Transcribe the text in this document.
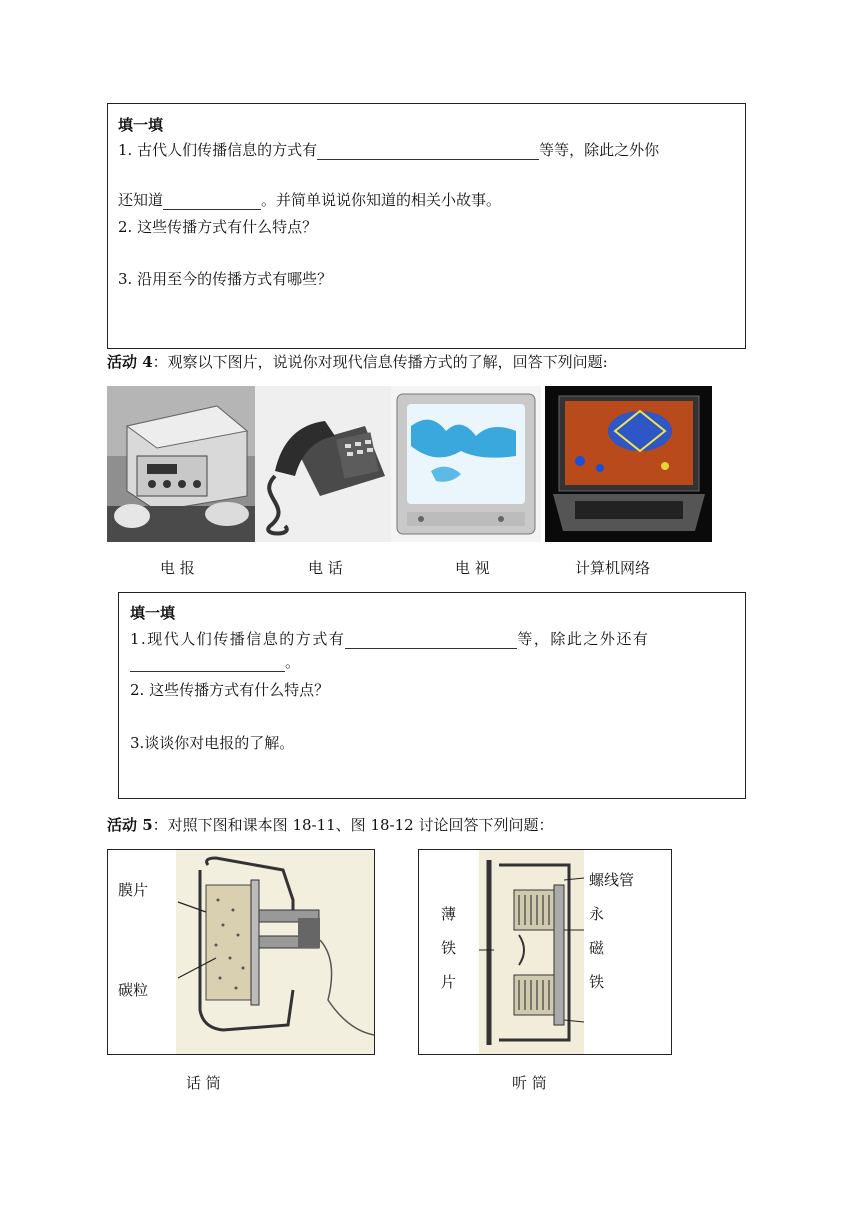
填一填
1. 古代人们传播信息的方式有	等等，除此之外你
还知道	。并简单说说你知道的相关小故事。
2. 这些传播方式有什么特点？
3. 沿用至今的传播方式有哪些？
活动 4：观察以下图片，说说你对现代信息传播方式的了解，回答下列问题:
电 报	电 话	电 视	计算机网络
填一填
1.现代人们传播信息的方式有	等，除此之外还有
。
2. 这些传播方式有什么特点？
3.谈谈你对电报的了解。
活动 5：对照下图和课本图 18-11、图 18-12 讨论回答下列问题：
膜片
碳粒
话 筒
螺线管
薄
铁
片
永
磁
铁
听 筒
